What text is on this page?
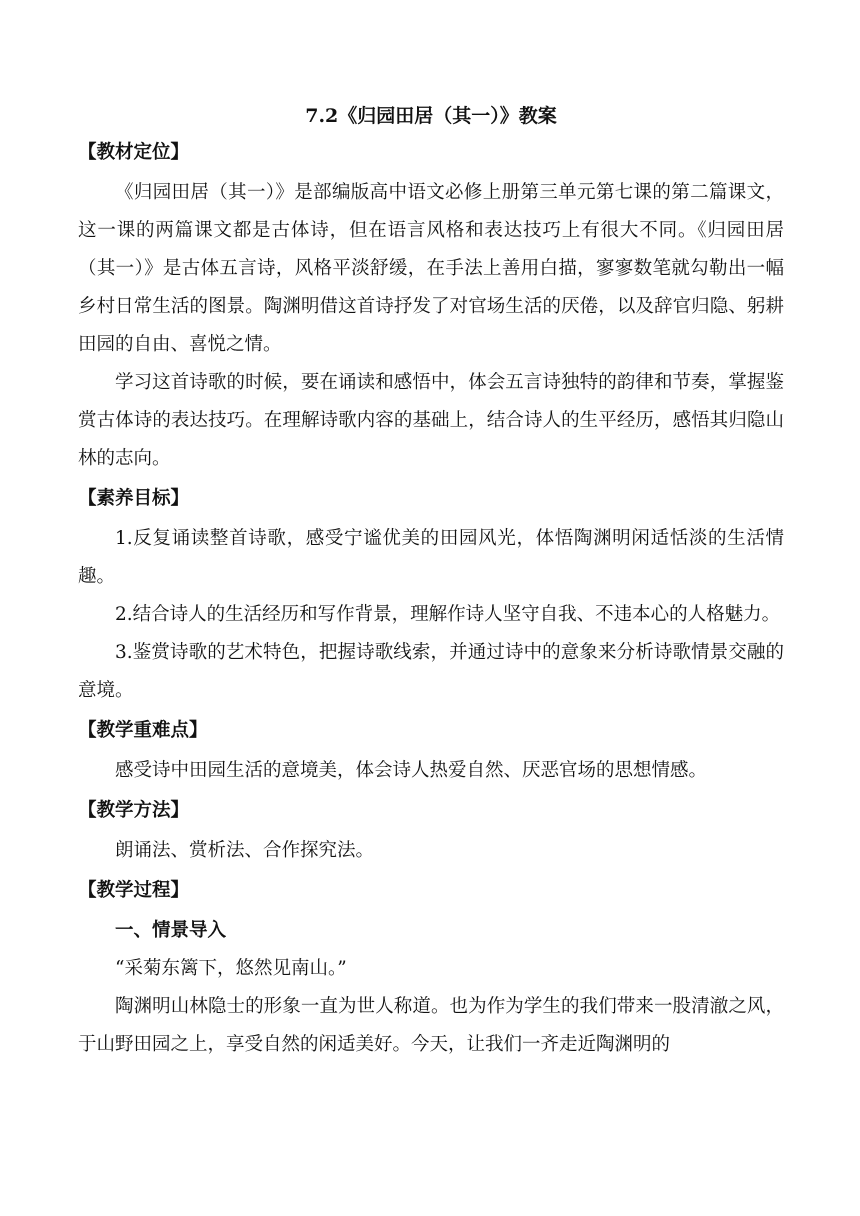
7.2《归园田居（其一）》教案
【教材定位】

《归园田居（其一）》是部编版高中语文必修上册第三单元第七课的第二篇课文，这一课的两篇课文都是古体诗，但在语言风格和表达技巧上有很大不同。《归园田居（其一）》是古体五言诗，风格平淡舒缓，在手法上善用白描，寥寥数笔就勾勒出一幅乡村日常生活的图景。陶渊明借这首诗抒发了对官场生活的厌倦，以及辞官归隐、躬耕田园的自由、喜悦之情。

学习这首诗歌的时候，要在诵读和感悟中，体会五言诗独特的韵律和节奏，掌握鉴赏古体诗的表达技巧。在理解诗歌内容的基础上，结合诗人的生平经历，感悟其归隐山林的志向。

【素养目标】

1.反复诵读整首诗歌，感受宁谧优美的田园风光，体悟陶渊明闲适恬淡的生活情趣。

2.结合诗人的生活经历和写作背景，理解作诗人坚守自我、不违本心的人格魅力。

3.鉴赏诗歌的艺术特色，把握诗歌线索，并通过诗中的意象来分析诗歌情景交融的意境。

【教学重难点】

感受诗中田园生活的意境美，体会诗人热爱自然、厌恶官场的思想情感。

【教学方法】

朗诵法、赏析法、合作探究法。

【教学过程】

一、情景导入

“采菊东篱下，悠然见南山。”

陶渊明山林隐士的形象一直为世人称道。也为作为学生的我们带来一股清澈之风，于山野田园之上，享受自然的闲适美好。今天，让我们一齐走近陶渊明的
